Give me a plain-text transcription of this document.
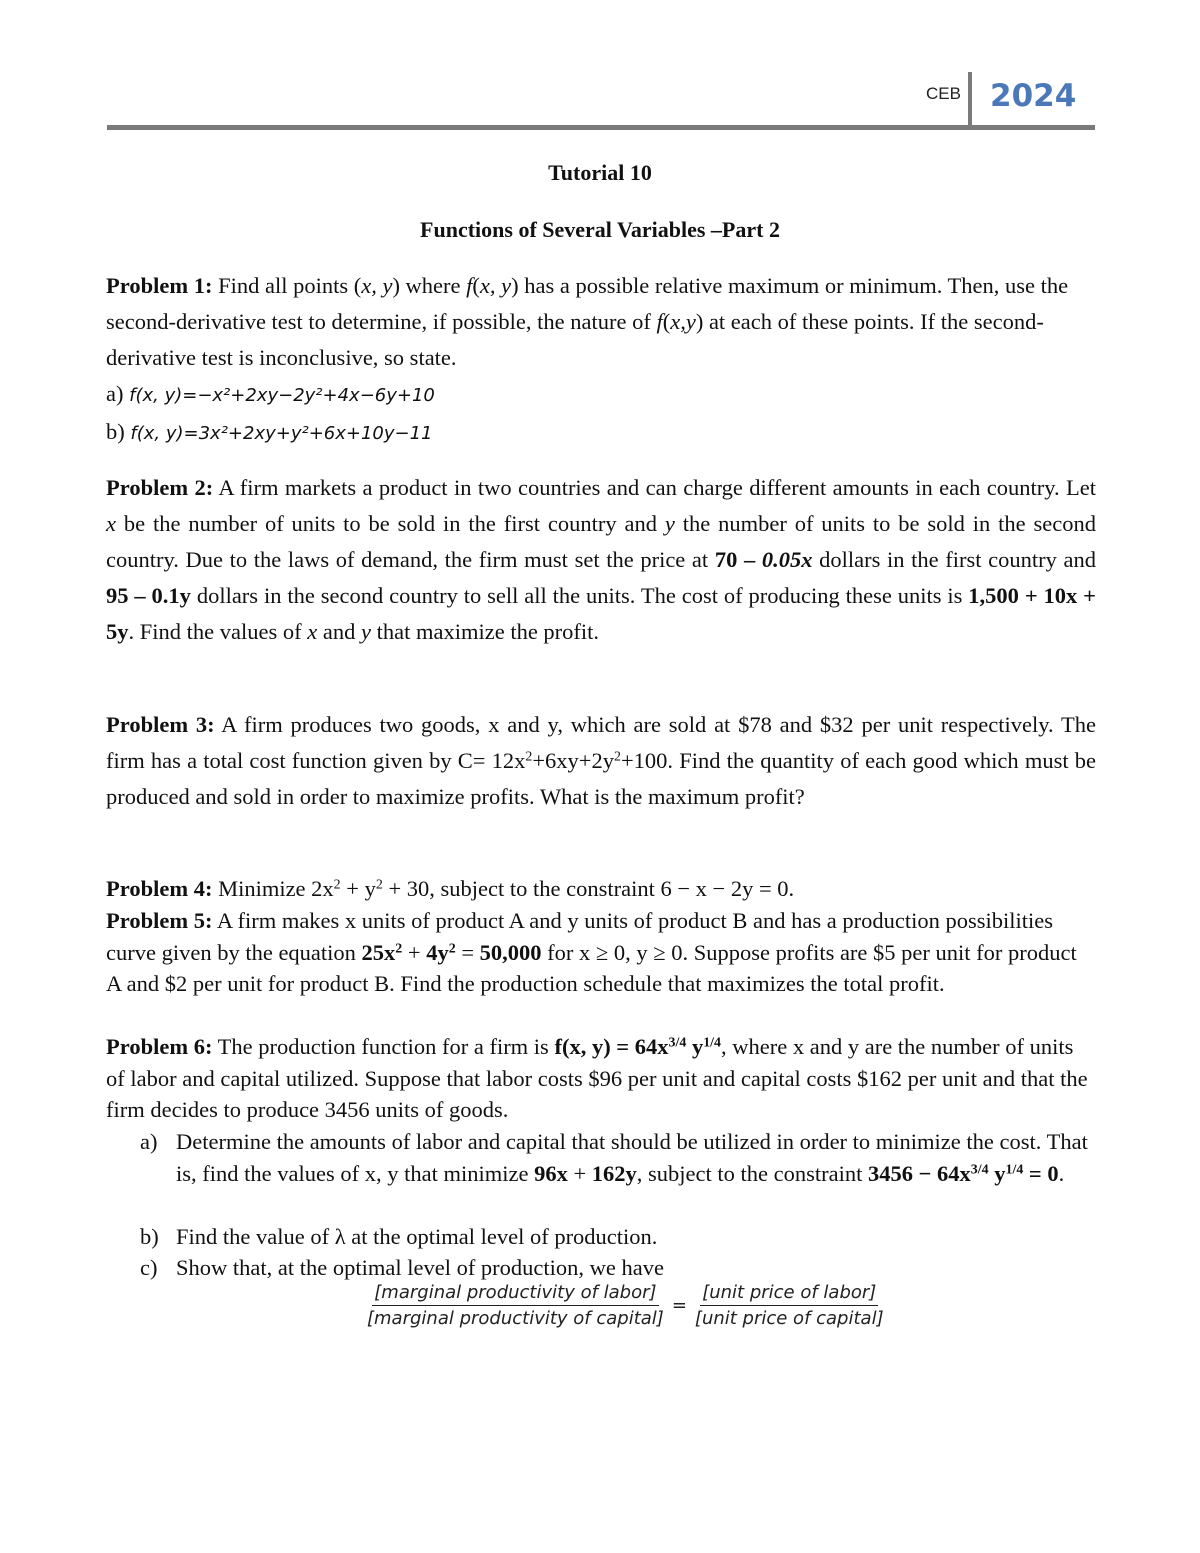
CEB 2024
Tutorial 10
Functions of Several Variables –Part 2
Problem 1: Find all points (x, y) where f(x, y) has a possible relative maximum or minimum. Then, use the second-derivative test to determine, if possible, the nature of f(x,y) at each of these points. If the second-derivative test is inconclusive, so state.
a) f(x, y)=−x²+2xy−2y²+4x−6y+10
b) f(x, y)=3x²+2xy+y²+6x+10y−11
Problem 2: A firm markets a product in two countries and can charge different amounts in each country. Let x be the number of units to be sold in the first country and y the number of units to be sold in the second country. Due to the laws of demand, the firm must set the price at 70 – 0.05x dollars in the first country and 95 – 0.1y dollars in the second country to sell all the units. The cost of producing these units is 1,500 + 10x + 5y. Find the values of x and y that maximize the profit.
Problem 3: A firm produces two goods, x and y, which are sold at $78 and $32 per unit respectively. The firm has a total cost function given by $C= 12x^2+6xy+2y^2+100$. Find the quantity of each good which must be produced and sold in order to maximize profits. What is the maximum profit?
Problem 4: Minimize $2x^2 + y^2 + 30$, subject to the constraint 6 − x − 2y = 0.
Problem 5: A firm makes x units of product A and y units of product B and has a production possibilities curve given by the equation $25x^2 + 4y^2 = 50,000$ for x ≥ 0, y ≥ 0. Suppose profits are $5 per unit for product A and $2 per unit for product B. Find the production schedule that maximizes the total profit.
Problem 6: The production function for a firm is f(x, $y) = 64x^{3/4}$ $y^{1/4}$, where x and y are the number of units of labor and capital utilized. Suppose that labor costs $96 per unit and capital costs $162 per unit and that the firm decides to produce 3456 units of goods.
a) Determine the amounts of labor and capital that should be utilized in order to minimize the cost. That is, find the values of x, y that minimize 96x + 162y, subject to the constraint $3456 - 64x^{3/4}$ $y^{1/4} = 0$.
b) Find the value of λ at the optimal level of production.
c) Show that, at the optimal level of production, we have
$\frac{\text{[marginal productivity of labor]}}{\text{[marginal productivity of capital]}} = \frac{\text{[unit price of labor]}}{\text{[unit price of capital]}}$
